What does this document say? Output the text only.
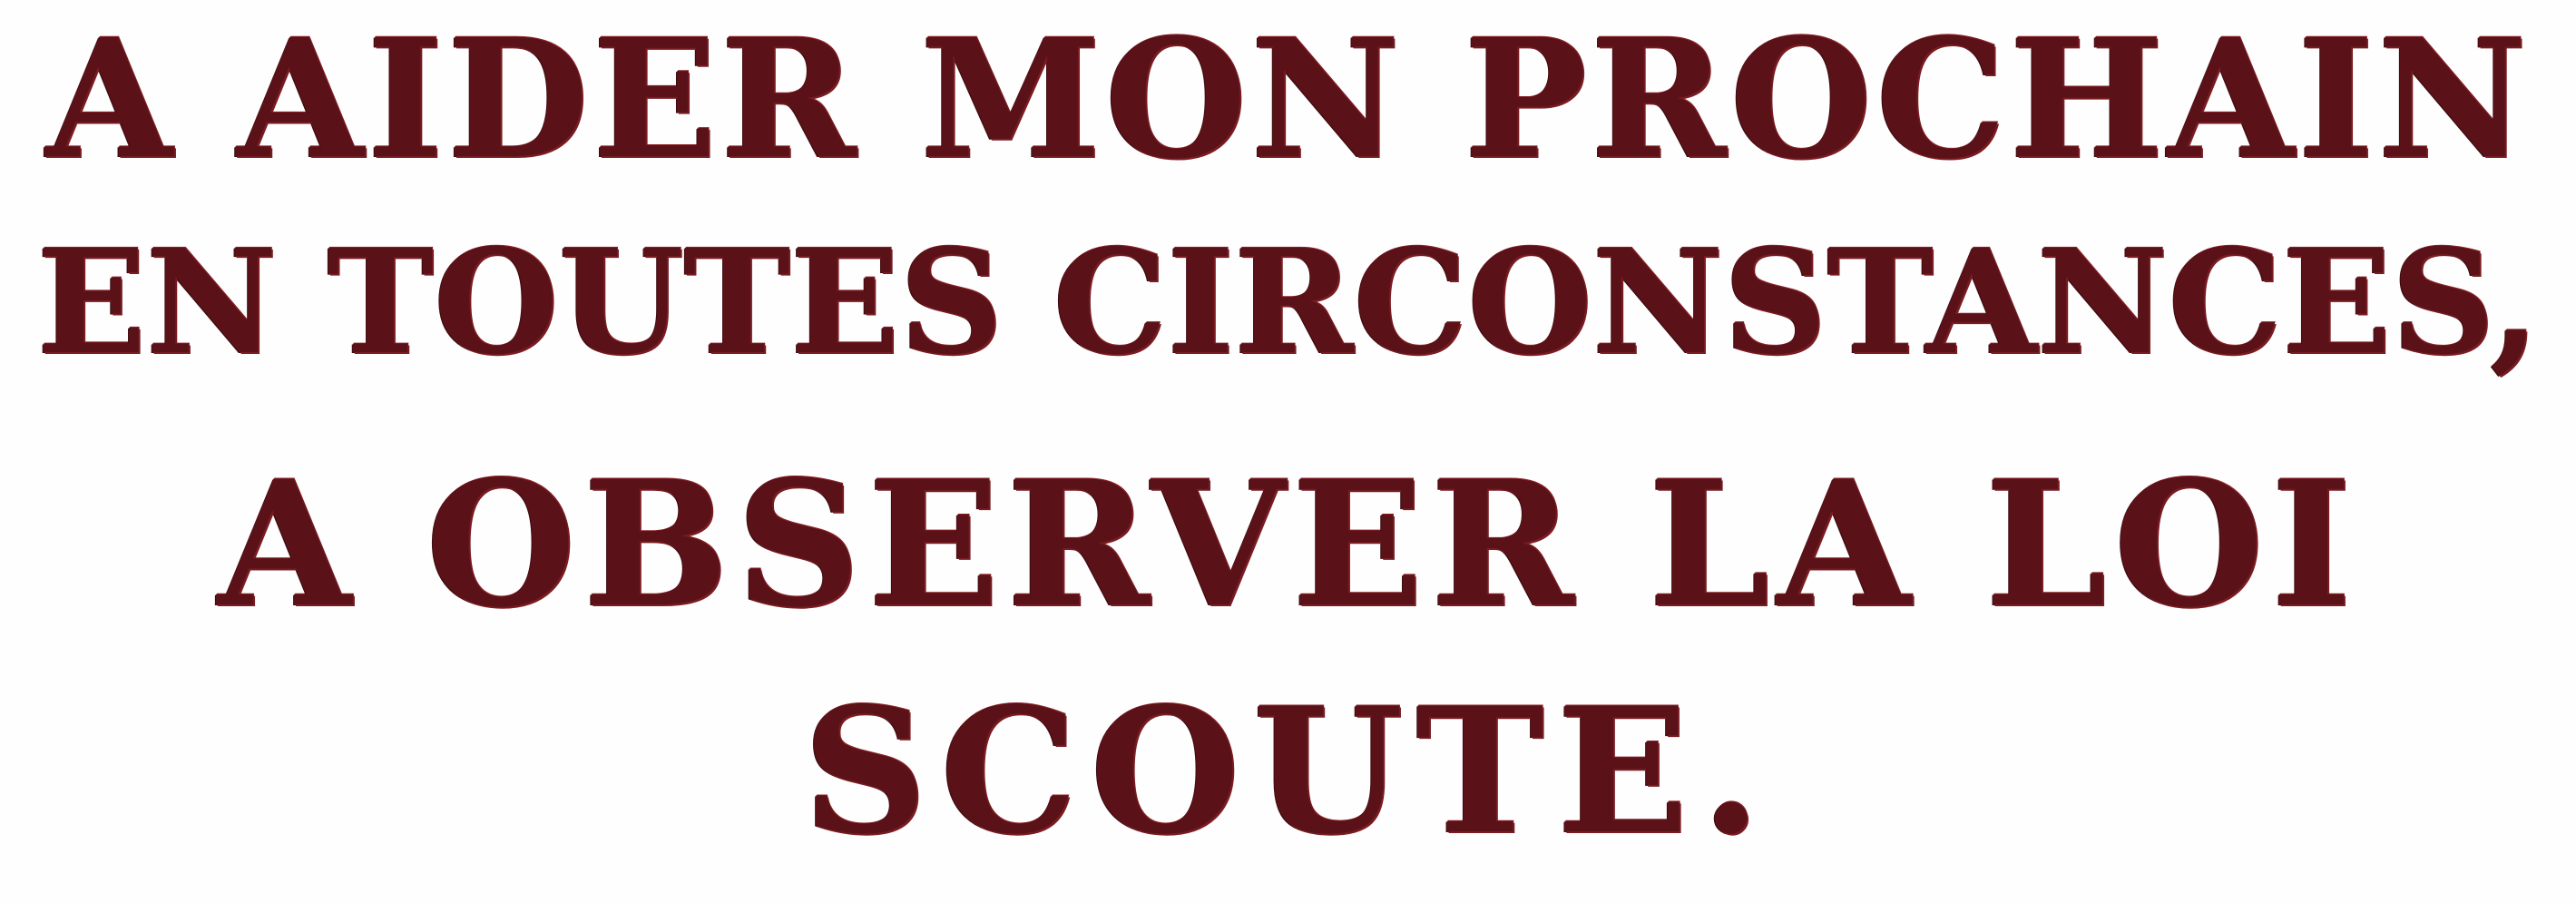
A AIDER MON PROCHAIN
EN TOUTES CIRCONSTANCES,
A OBSERVER LA LOI
SCOUTE.
